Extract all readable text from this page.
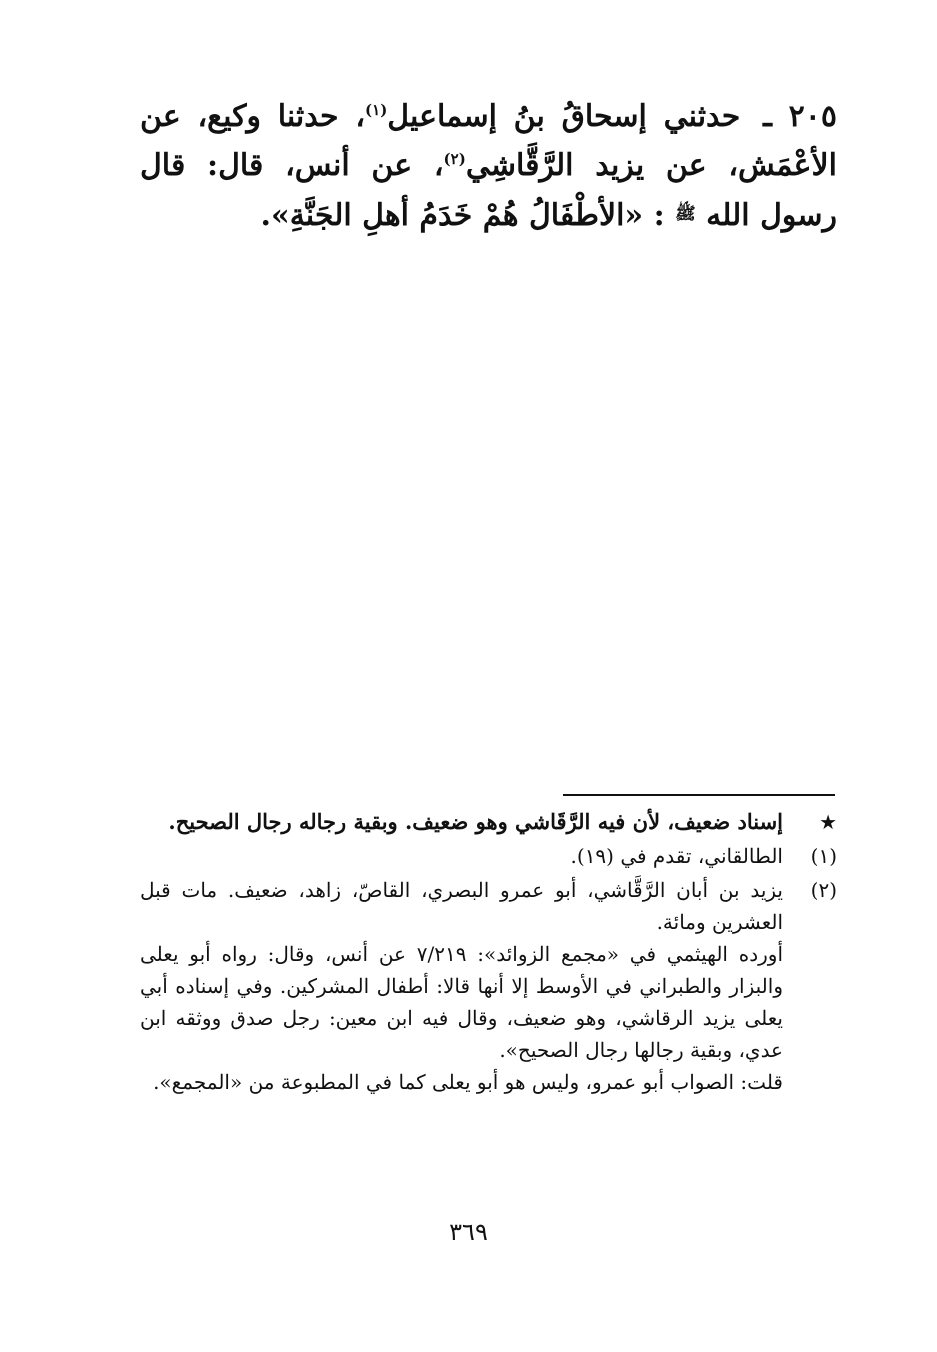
٢٠٥ ـ حدثني إسحاقُ بنُ إسماعيل$^{(١)}$، حدثنا وكيع، عن
الأعْمَش، عن يزيد الرَّقَّاشِي$^{(٢)}$، عن أنس، قال: قال
رسول الله $^ﷺ$ : «الأطْفَالُ هُمْ خَدَمُ أهلِ الجَنَّةِ».
★
إسناد ضعيف، لأن فيه الرَّقَاشي وهو ضعيف. وبقية رجاله رجال الصحيح.
(١)
الطالقاني، تقدم في (١٩).
(٢)
يزيد بن أبان الرَّقَّاشي، أبو عمرو البصري، القاصّ، زاهد، ضعيف. مات قبل العشرين ومائة.
أورده الهيثمي في «مجمع الزوائد»: ٧/٢١٩ عن أنس، وقال: رواه أبو يعلى والبزار والطبراني في الأوسط إلا أنها قالا: أطفال المشركين. وفي إسناده أبي يعلى يزيد الرقاشي، وهو ضعيف، وقال فيه ابن معين: رجل صدق ووثقه ابن عدي، وبقية رجالها رجال الصحيح».
قلت: الصواب أبو عمرو، وليس هو أبو يعلى كما في المطبوعة من «المجمع».
٣٦٩
